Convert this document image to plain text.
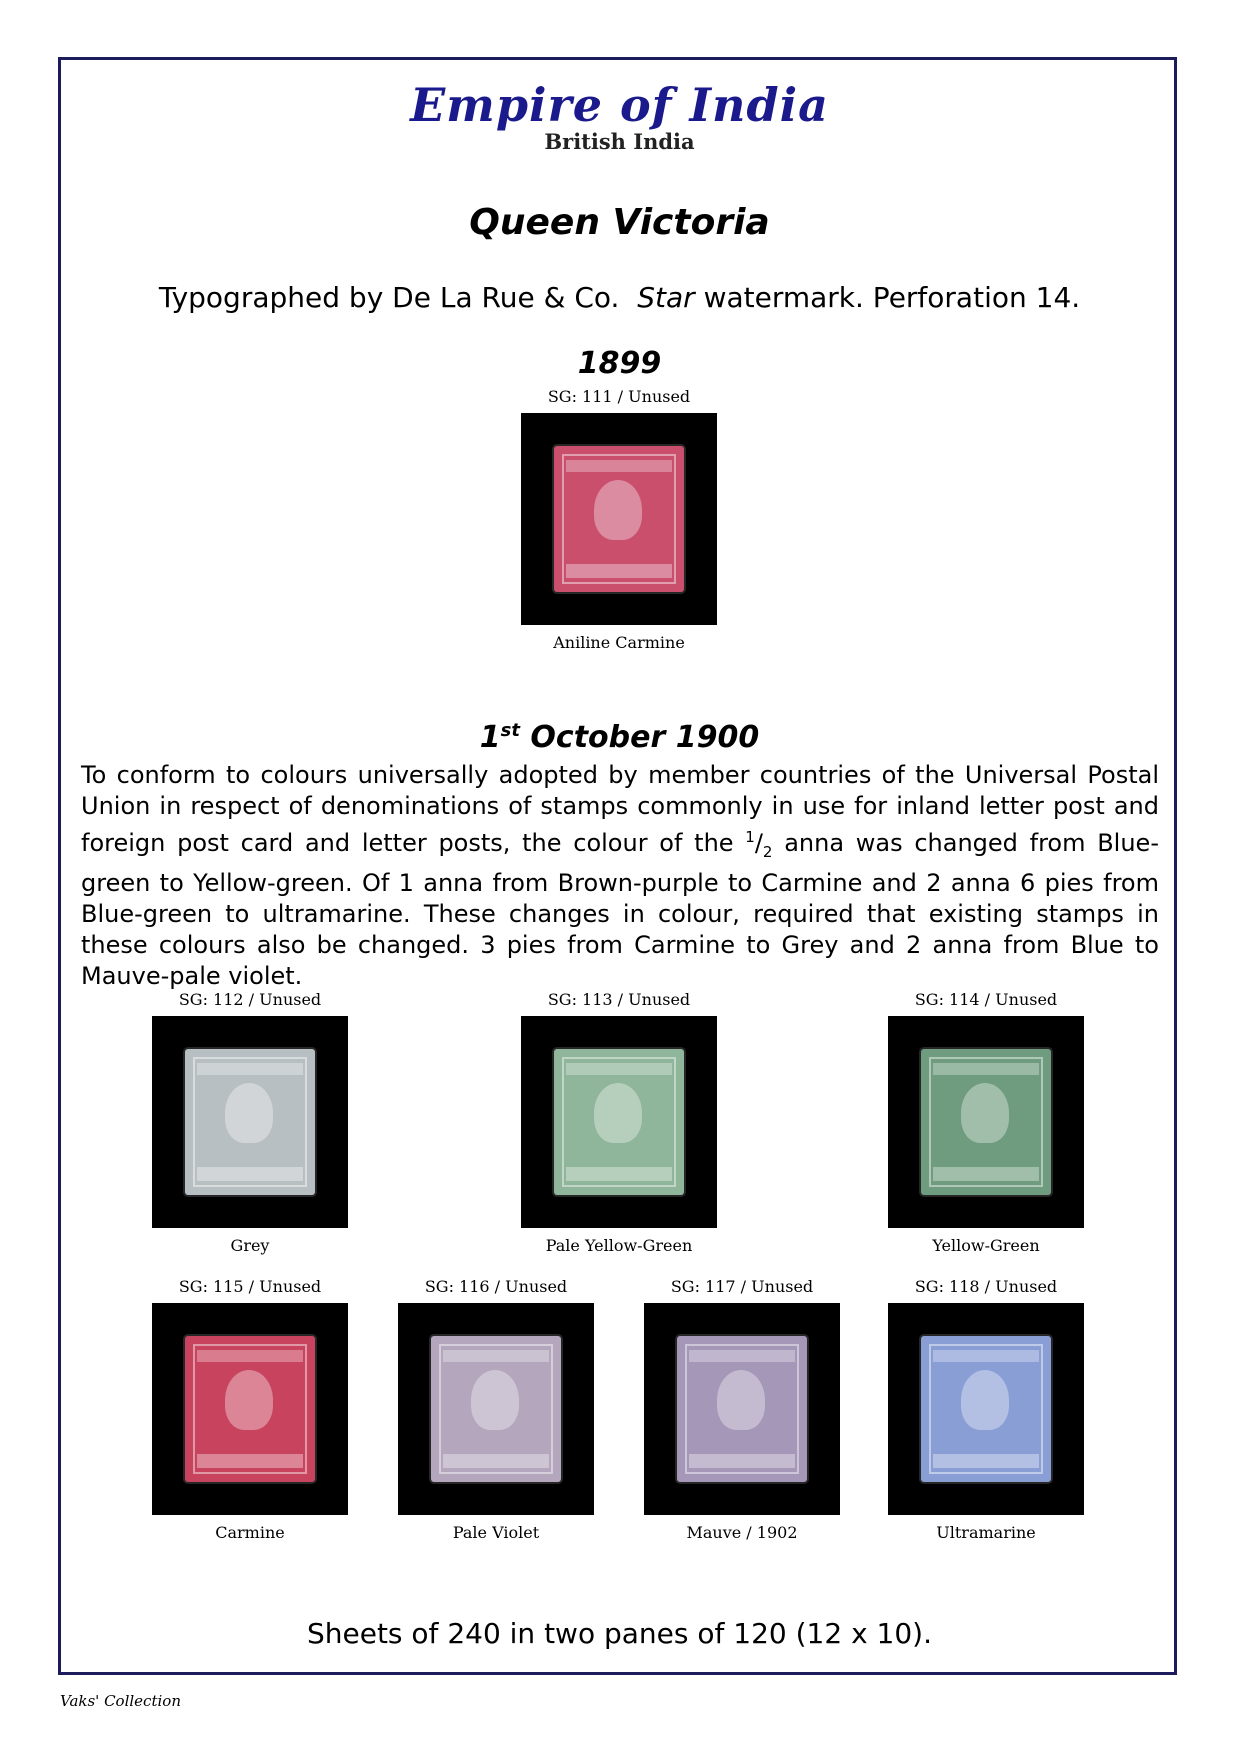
Empire of India
British India
Queen Victoria
Typographed by De La Rue & Co. Star watermark. Perforation 14.
1899
SG: 111 / Unused
Aniline Carmine
1st October 1900
To conform to colours universally adopted by member countries of the Universal Postal Union in respect of denominations of stamps commonly in use for inland letter post and foreign post card and letter posts, the colour of the $^1/_2$ anna was changed from Blue-green to Yellow-green. Of 1 anna from Brown-purple to Carmine and 2 anna 6 pies from Blue-green to ultramarine. These changes in colour, required that existing stamps in these colours also be changed. 3 pies from Carmine to Grey and 2 anna from Blue to Mauve-pale violet.
SG: 112 / Unused
Grey
SG: 113 / Unused
Pale Yellow-Green
SG: 114 / Unused
Yellow-Green
SG: 115 / Unused
Carmine
SG: 116 / Unused
Pale Violet
SG: 117 / Unused
Mauve / 1902
SG: 118 / Unused
Ultramarine
Sheets of 240 in two panes of 120 (12 x 10).
Vaks' Collection
